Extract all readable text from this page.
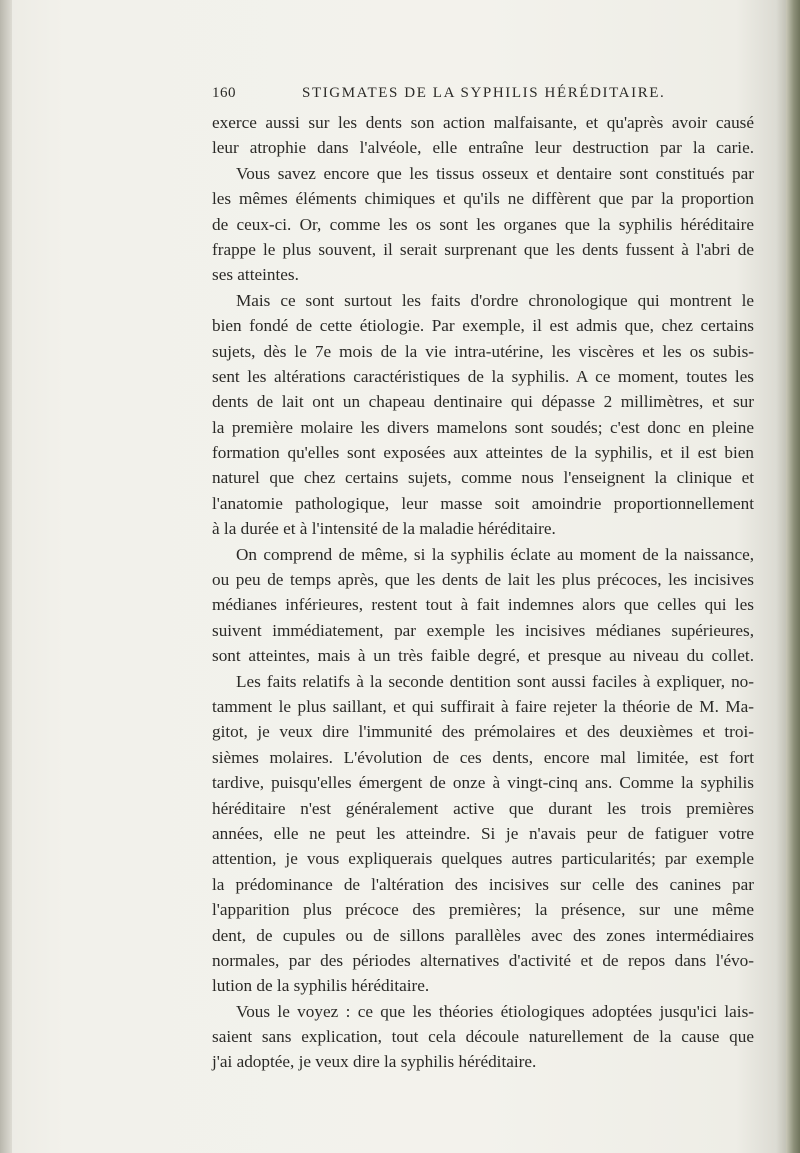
160	STIGMATES DE LA SYPHILIS HÉRÉDITAIRE.
exerce aussi sur les dents son action malfaisante, et qu'après avoir causé
leur atrophie dans l'alvéole, elle entraîne leur destruction par la carie.
Vous savez encore que les tissus osseux et dentaire sont constitués par
les mêmes éléments chimiques et qu'ils ne diffèrent que par la proportion
de ceux-ci. Or, comme les os sont les organes que la syphilis héréditaire
frappe le plus souvent, il serait surprenant que les dents fussent à l'abri de
ses atteintes.
Mais ce sont surtout les faits d'ordre chronologique qui montrent le
bien fondé de cette étiologie. Par exemple, il est admis que, chez certains
sujets, dès le 7e mois de la vie intra-utérine, les viscères et les os subis-
sent les altérations caractéristiques de la syphilis. A ce moment, toutes les
dents de lait ont un chapeau dentinaire qui dépasse 2 millimètres, et sur
la première molaire les divers mamelons sont soudés; c'est donc en pleine
formation qu'elles sont exposées aux atteintes de la syphilis, et il est bien
naturel que chez certains sujets, comme nous l'enseignent la clinique et
l'anatomie pathologique, leur masse soit amoindrie proportionnellement
à la durée et à l'intensité de la maladie héréditaire.
On comprend de même, si la syphilis éclate au moment de la naissance,
ou peu de temps après, que les dents de lait les plus précoces, les incisives
médianes inférieures, restent tout à fait indemnes alors que celles qui les
suivent immédiatement, par exemple les incisives médianes supérieures,
sont atteintes, mais à un très faible degré, et presque au niveau du collet.
Les faits relatifs à la seconde dentition sont aussi faciles à expliquer, no-
tamment le plus saillant, et qui suffirait à faire rejeter la théorie de M. Ma-
gitot, je veux dire l'immunité des prémolaires et des deuxièmes et troi-
sièmes molaires. L'évolution de ces dents, encore mal limitée, est fort
tardive, puisqu'elles émergent de onze à vingt-cinq ans. Comme la syphilis
héréditaire n'est généralement active que durant les trois premières
années, elle ne peut les atteindre. Si je n'avais peur de fatiguer votre
attention, je vous expliquerais quelques autres particularités; par exemple
la prédominance de l'altération des incisives sur celle des canines par
l'apparition plus précoce des premières; la présence, sur une même
dent, de cupules ou de sillons parallèles avec des zones intermédiaires
normales, par des périodes alternatives d'activité et de repos dans l'évo-
lution de la syphilis héréditaire.
Vous le voyez : ce que les théories étiologiques adoptées jusqu'ici lais-
saient sans explication, tout cela découle naturellement de la cause que
j'ai adoptée, je veux dire la syphilis héréditaire.
